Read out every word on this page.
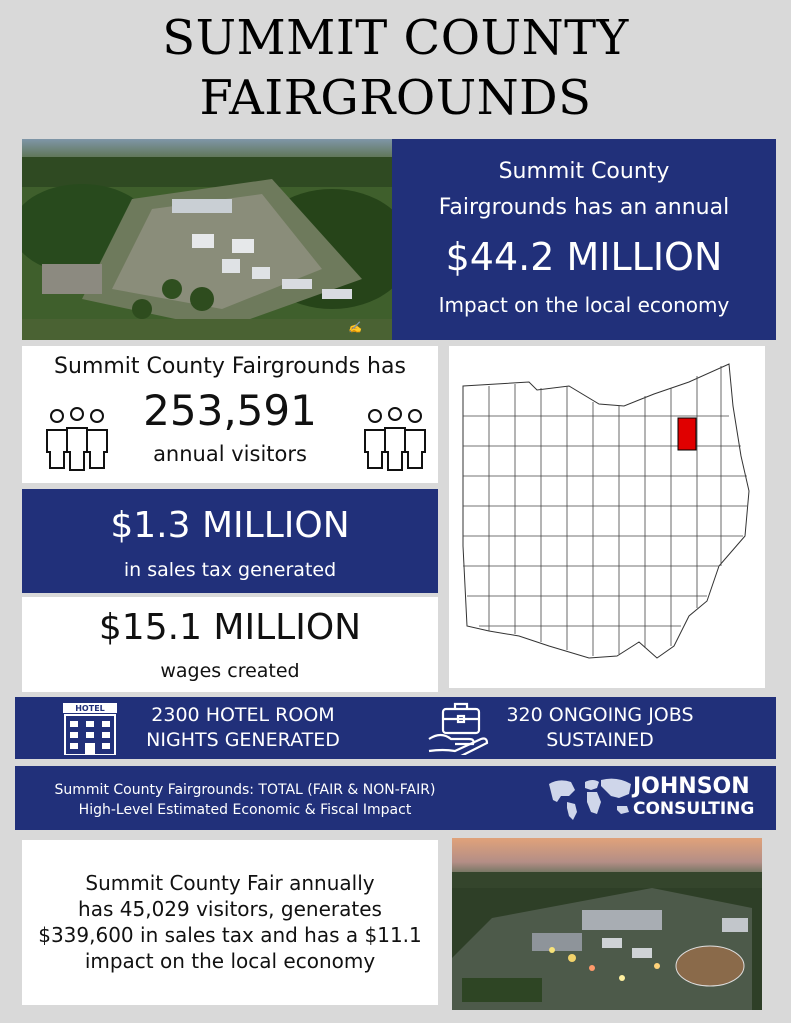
SUMMIT COUNTY
FAIRGROUNDS
✍
Summit County
Fairgrounds has an annual
$44.2 MILLION
Impact on the local economy
Summit County Fairgrounds has
253,591
annual visitors
$1.3 MILLION
in sales tax generated
$15.1 MILLION
wages created
HOTEL	2300 HOTEL ROOM
NIGHTS GENERATED
320 ONGOING JOBS
SUSTAINED
Summit County Fairgrounds: TOTAL (FAIR & NON-FAIR)
High-Level Estimated Economic & Fiscal Impact
JOHNSON
CONSULTING
Summit County Fair annually
has 45,029 visitors, generates
$339,600 in sales tax and has a $11.1
impact on the local economy
